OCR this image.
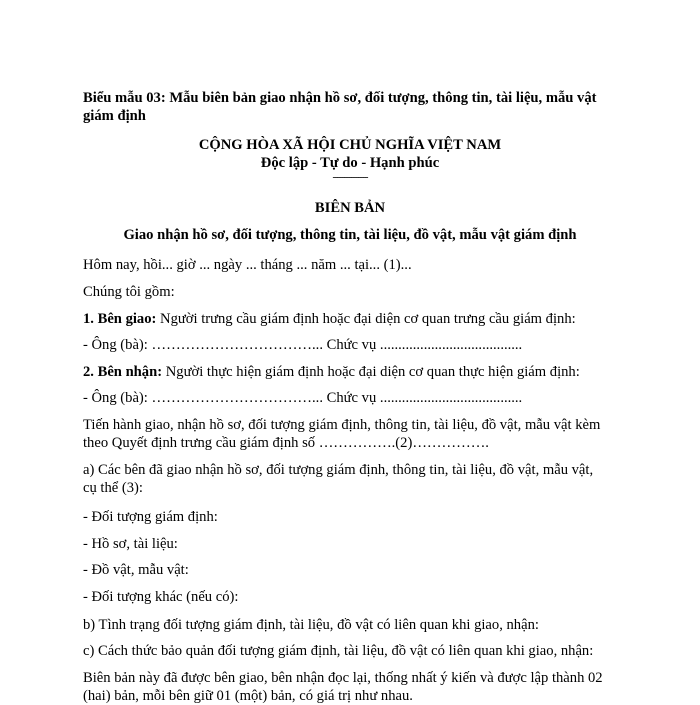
Biểu mẫu 03: Mẫu biên bản giao nhận hồ sơ, đối tượng, thông tin, tài liệu, mẫu vật
giám định
CỘNG HÒA XÃ HỘI CHỦ NGHĨA VIỆT NAM
Độc lập - Tự do - Hạnh phúc
---------------
BIÊN BẢN
Giao nhận hồ sơ, đối tượng, thông tin, tài liệu, đồ vật, mẫu vật giám định
Hôm nay, hồi... giờ ... ngày ... tháng ... năm ... tại... (1)...
Chúng tôi gồm:
1. Bên giao: Người trưng cầu giám định hoặc đại diện cơ quan trưng cầu giám định:
- Ông (bà): ……………………………... Chức vụ .......................................
2. Bên nhận: Người thực hiện giám định hoặc đại diện cơ quan thực hiện giám định:
- Ông (bà): ……………………………... Chức vụ .......................................
Tiến hành giao, nhận hồ sơ, đối tượng giám định, thông tin, tài liệu, đồ vật, mẫu vật kèm
theo Quyết định trưng cầu giám định số …………….(2)…………….
a) Các bên đã giao nhận hồ sơ, đối tượng giám định, thông tin, tài liệu, đồ vật, mẫu vật,
cụ thể (3):
- Đối tượng giám định:
- Hồ sơ, tài liệu:
- Đồ vật, mẫu vật:
- Đối tượng khác (nếu có):
b) Tình trạng đối tượng giám định, tài liệu, đồ vật có liên quan khi giao, nhận:
c) Cách thức bảo quản đối tượng giám định, tài liệu, đồ vật có liên quan khi giao, nhận:
Biên bản này đã được bên giao, bên nhận đọc lại, thống nhất ý kiến và được lập thành 02
(hai) bản, mỗi bên giữ 01 (một) bản, có giá trị như nhau.
